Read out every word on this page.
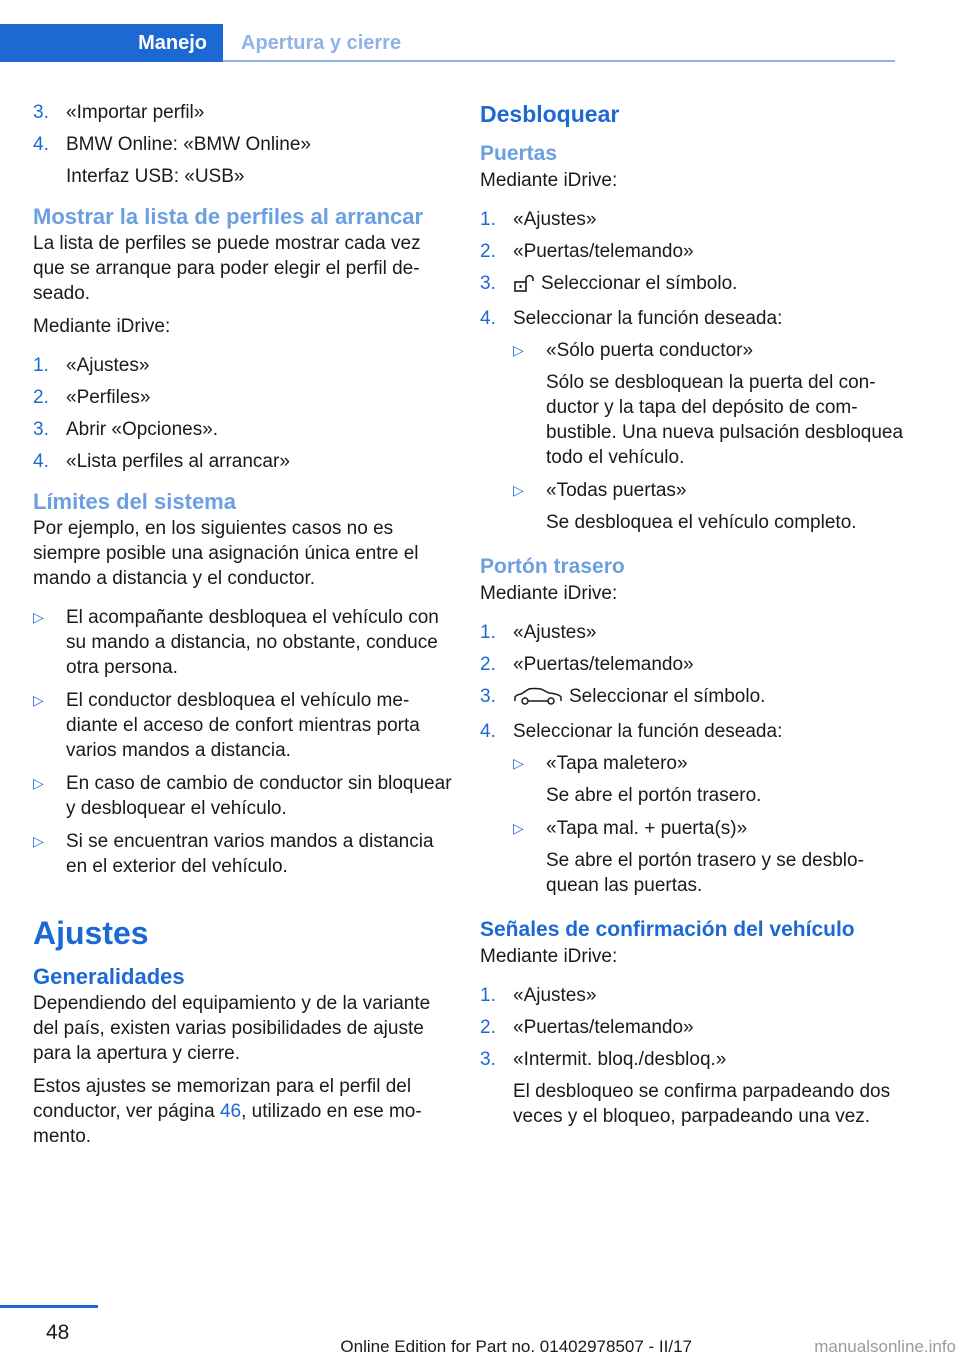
Manejo	Apertura y cierre
3. «Importar perfil»
4. BMW Online: «BMW Online»
Interfaz USB: «USB»
Mostrar la lista de perfiles al arrancar

La lista de perfiles se puede mostrar cada vez que se arranque para poder elegir el perfil deseado.

Mediante iDrive:

1. «Ajustes»
2. «Perfiles»
3. Abrir «Opciones».
4. «Lista perfiles al arrancar»
Límites del sistema

Por ejemplo, en los siguientes casos no es siempre posible una asignación única entre el mando a distancia y el conductor.

▷ El acompañante desbloquea el vehículo con su mando a distancia, no obstante, conduce otra persona.
▷ El conductor desbloquea el vehículo mediante el acceso de confort mientras porta varios mandos a distancia.
▷ En caso de cambio de conductor sin bloquear y desbloquear el vehículo.
▷ Si se encuentran varios mandos a distancia en el exterior del vehículo.
Ajustes
Generalidades

Dependiendo del equipamiento y de la variante del país, existen varias posibilidades de ajuste para la apertura y cierre.

Estos ajustes se memorizan para el perfil del conductor, ver página 46, utilizado en ese momento.

Desbloquear
Puertas

Mediante iDrive:

1. «Ajustes»
2. «Puertas/telemando»
3. Seleccionar el símbolo.
4. Seleccionar la función deseada:
▷ «Sólo puerta conductor»
Sólo se desbloquean la puerta del conductor y la tapa del depósito de combustible. Una nueva pulsación desbloquea todo el vehículo.
▷ «Todas puertas»
Se desbloquea el vehículo completo.
Portón trasero

Mediante iDrive:

1. «Ajustes»
2. «Puertas/telemando»
3.	Seleccionar el símbolo.
4. Seleccionar la función deseada:
▷ «Tapa maletero»
Se abre el portón trasero.
▷ «Tapa mal. + puerta(s)»
Se abre el portón trasero y se desbloquean las puertas.
Señales de confirmación del vehículo

Mediante iDrive:

1. «Ajustes»
2. «Puertas/telemando»
3. «Intermit. bloq./desbloq.»
El desbloqueo se confirma parpadeando dos veces y el bloqueo, parpadeando una vez.
48
Online Edition for Part no. 01402978507 - II/17	manualsonline.info
